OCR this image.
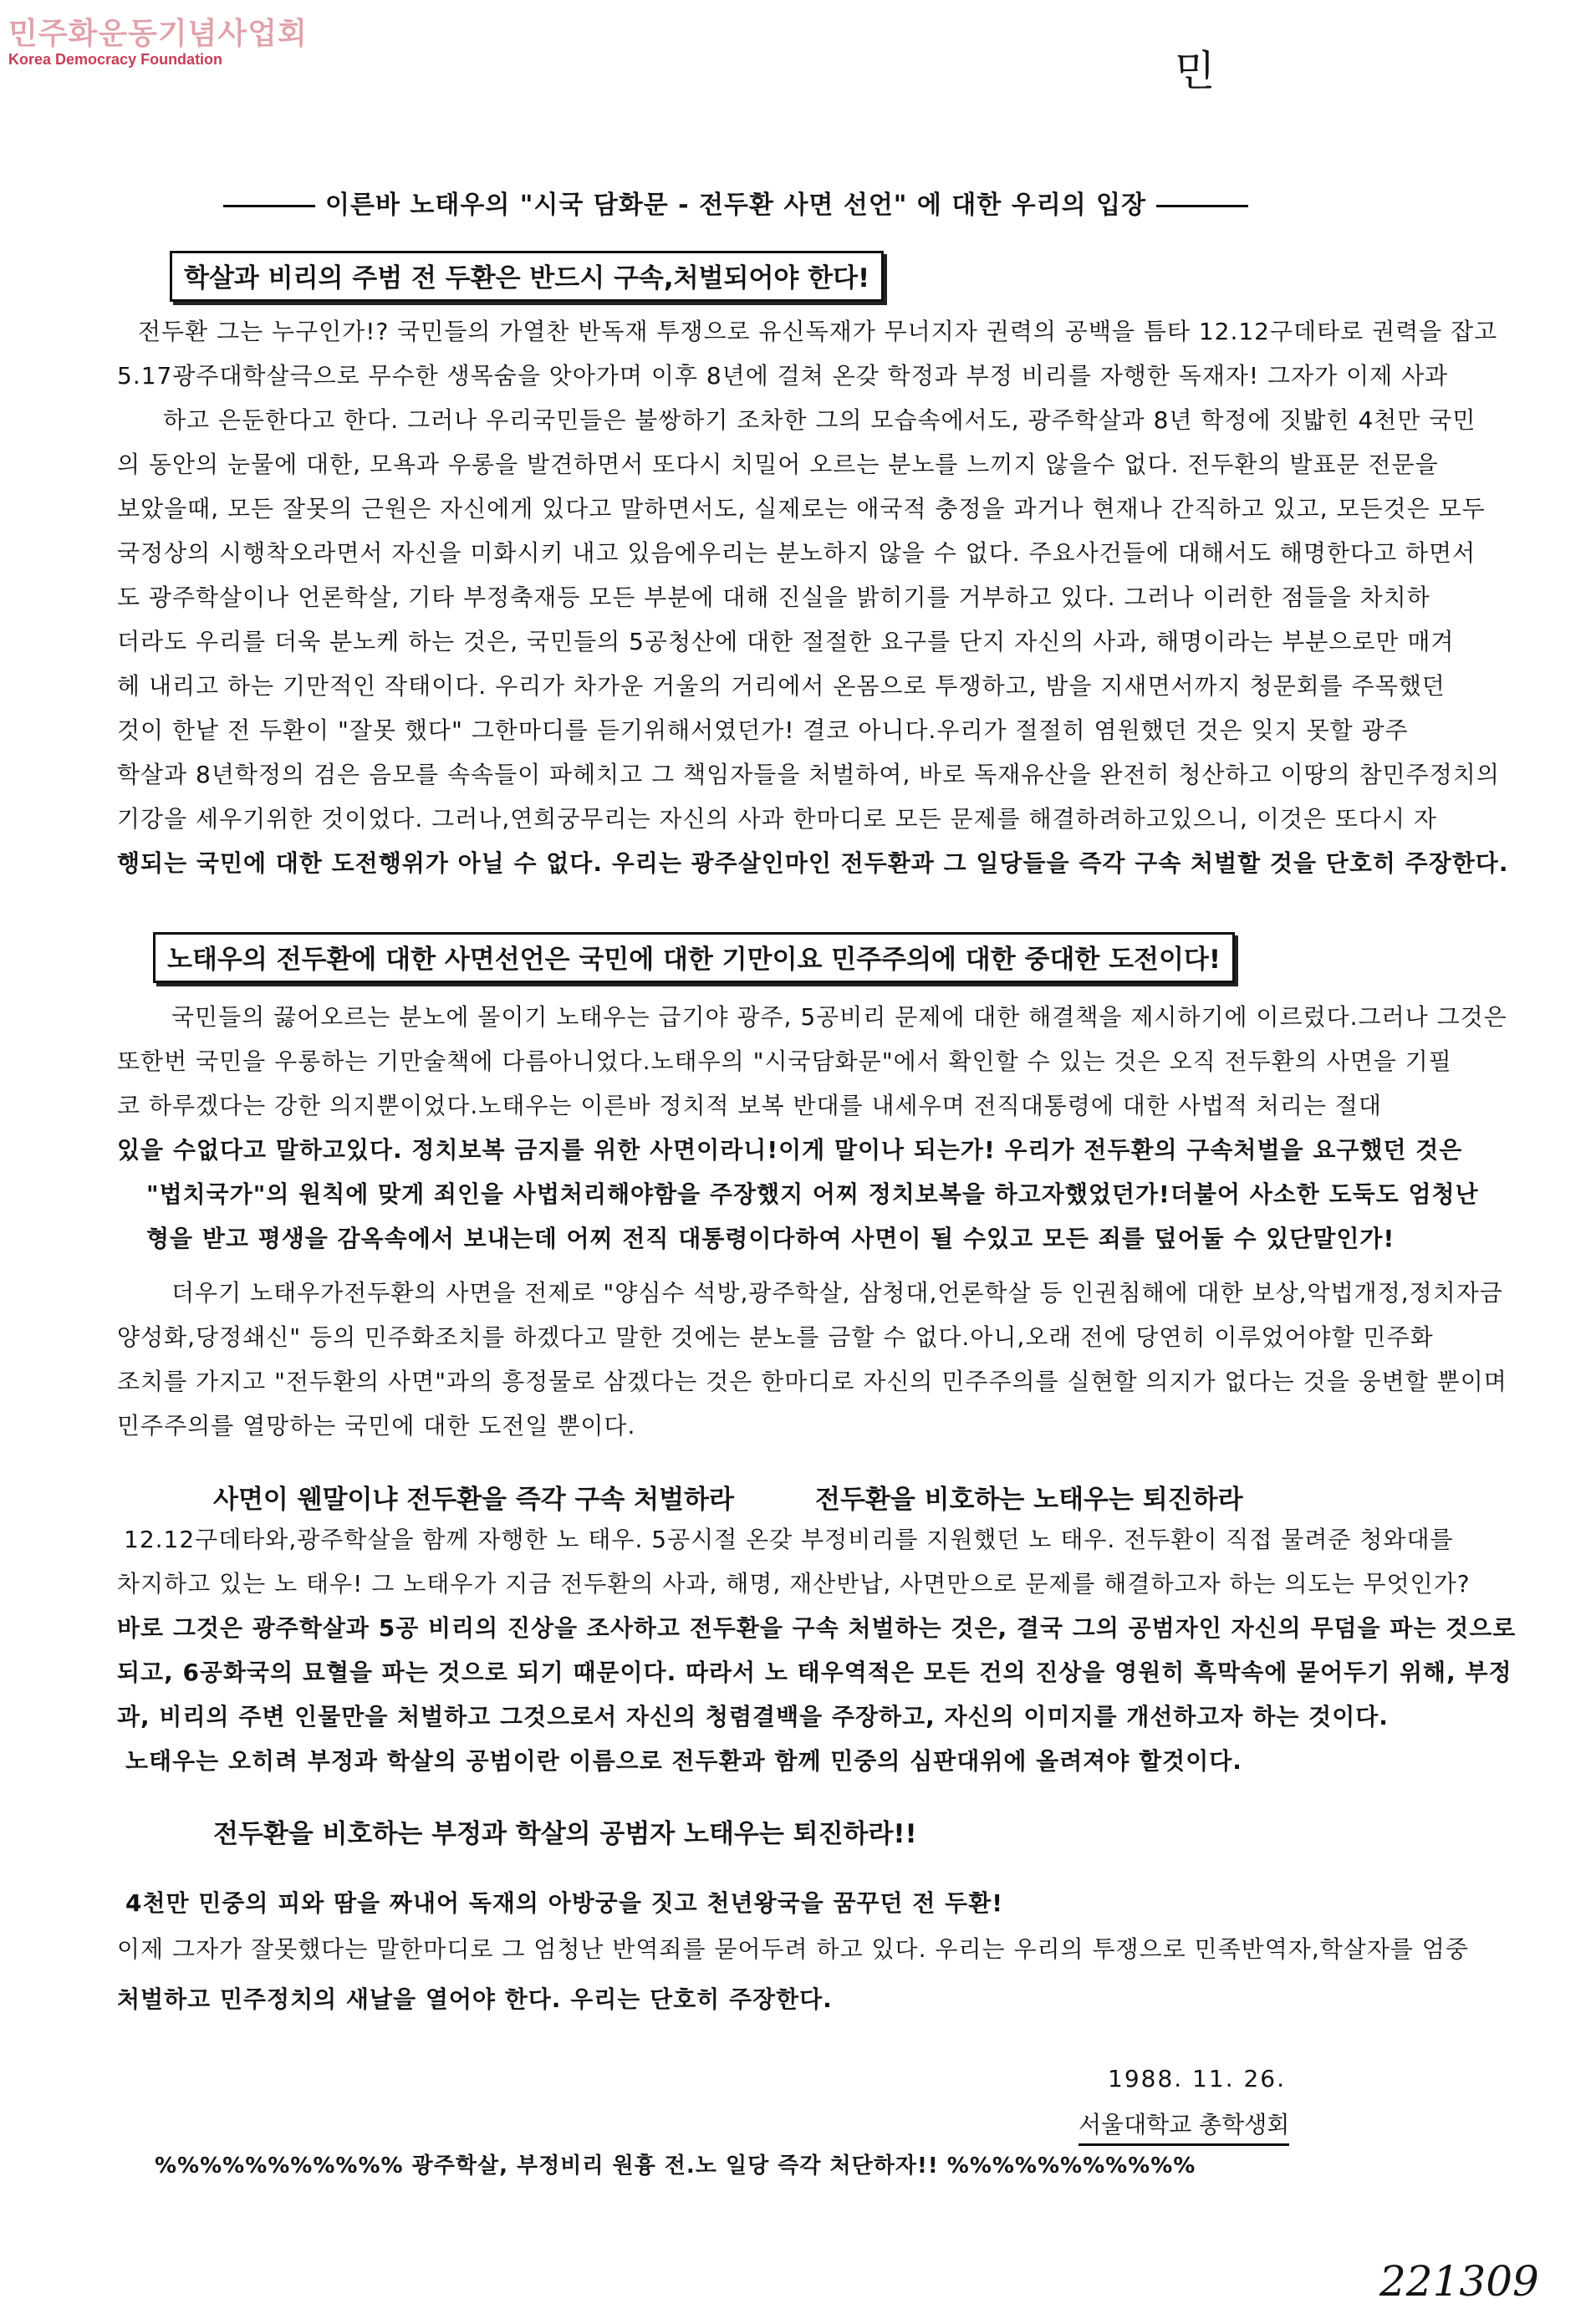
민주화운동기념사업회
Korea Democracy Foundation	민
이른바 노태우의 "시국 담화문 - 전두환 사면 선언" 에 대한 우리의 입장
학살과 비리의 주범 전 두환은 반드시 구속,처벌되어야 한다!
전두환 그는 누구인가!? 국민들의 가열찬 반독재 투쟁으로 유신독재가 무너지자 권력의 공백을 틈타 12.12구데타로 권력을 잡고
5.17광주대학살극으로 무수한 생목숨을 앗아가며 이후 8년에 걸쳐 온갖 학정과 부정 비리를 자행한 독재자! 그자가 이제 사과
하고 은둔한다고 한다. 그러나 우리국민들은 불쌍하기 조차한 그의 모습속에서도, 광주학살과 8년 학정에 짓밟힌 4천만 국민
의 동안의 눈물에 대한, 모욕과 우롱을 발견하면서 또다시 치밀어 오르는 분노를 느끼지 않을수 없다. 전두환의 발표문 전문을
보았을때, 모든 잘못의 근원은 자신에게 있다고 말하면서도, 실제로는 애국적 충정을 과거나 현재나 간직하고 있고, 모든것은 모두
국정상의 시행착오라면서 자신을 미화시키 내고 있음에우리는 분노하지 않을 수 없다. 주요사건들에 대해서도 해명한다고 하면서
도 광주학살이나 언론학살, 기타 부정축재등 모든 부분에 대해 진실을 밝히기를 거부하고 있다. 그러나 이러한 점들을 차치하
더라도 우리를 더욱 분노케 하는 것은, 국민들의 5공청산에 대한 절절한 요구를 단지 자신의 사과, 해명이라는 부분으로만 매겨
헤 내리고 하는 기만적인 작태이다. 우리가 차가운 거울의 거리에서 온몸으로 투쟁하고, 밤을 지새면서까지 청문회를 주목했던
것이 한낱 전 두환이 "잘못 했다" 그한마디를 듣기위해서였던가! 결코 아니다.우리가 절절히 염원했던 것은 잊지 못할 광주
학살과 8년학정의 검은 음모를 속속들이 파헤치고 그 책임자들을 처벌하여, 바로 독재유산을 완전히 청산하고 이땅의 참민주정치의
기강을 세우기위한 것이었다. 그러나,연희궁무리는 자신의 사과 한마디로 모든 문제를 해결하려하고있으니, 이것은 또다시 자
행되는 국민에 대한 도전행위가 아닐 수 없다. 우리는 광주살인마인 전두환과 그 일당들을 즉각 구속 처벌할 것을 단호히 주장한다.
노태우의 전두환에 대한 사면선언은 국민에 대한 기만이요 민주주의에 대한 중대한 도전이다!
국민들의 끓어오르는 분노에 몰이기 노태우는 급기야 광주, 5공비리 문제에 대한 해결책을 제시하기에 이르렀다.그러나 그것은
또한번 국민을 우롱하는 기만술책에 다름아니었다.노태우의 "시국담화문"에서 확인할 수 있는 것은 오직 전두환의 사면을 기필
코 하루겠다는 강한 의지뿐이었다.노태우는 이른바 정치적 보복 반대를 내세우며 전직대통령에 대한 사법적 처리는 절대
있을 수없다고 말하고있다. 정치보복 금지를 위한 사면이라니!이게 말이나 되는가! 우리가 전두환의 구속처벌을 요구했던 것은
"법치국가"의 원칙에 맞게 죄인을 사법처리해야함을 주장했지 어찌 정치보복을 하고자했었던가!더불어 사소한 도둑도 엄청난
형을 받고 평생을 감옥속에서 보내는데 어찌 전직 대통령이다하여 사면이 될 수있고 모든 죄를 덮어둘 수 있단말인가!
더우기 노태우가전두환의 사면을 전제로 "양심수 석방,광주학살, 삼청대,언론학살 등 인권침해에 대한 보상,악법개정,정치자금
양성화,당정쇄신" 등의 민주화조치를 하겠다고 말한 것에는 분노를 금할 수 없다.아니,오래 전에 당연히 이루었어야할 민주화
조치를 가지고 "전두환의 사면"과의 흥정물로 삼겠다는 것은 한마디로 자신의 민주주의를 실현할 의지가 없다는 것을 웅변할 뿐이며
민주주의를 열망하는 국민에 대한 도전일 뿐이다.
사면이 웬말이냐 전두환을 즉각 구속 처벌하라	전두환을 비호하는 노태우는 퇴진하라
12.12구데타와,광주학살을 함께 자행한 노 태우. 5공시절 온갖 부정비리를 지원했던 노 태우. 전두환이 직접 물려준 청와대를
차지하고 있는 노 태우! 그 노태우가 지금 전두환의 사과, 해명, 재산반납, 사면만으로 문제를 해결하고자 하는 의도는 무엇인가?
바로 그것은 광주학살과 5공 비리의 진상을 조사하고 전두환을 구속 처벌하는 것은, 결국 그의 공범자인 자신의 무덤을 파는 것으로
되고, 6공화국의 묘혈을 파는 것으로 되기 때문이다. 따라서 노 태우역적은 모든 건의 진상을 영원히 흑막속에 묻어두기 위해, 부정
과, 비리의 주변 인물만을 처벌하고 그것으로서 자신의 청렴결백을 주장하고, 자신의 이미지를 개선하고자 하는 것이다.
노태우는 오히려 부정과 학살의 공범이란 이름으로 전두환과 함께 민중의 심판대위에 올려져야 할것이다.
전두환을 비호하는 부정과 학살의 공범자 노태우는 퇴진하라!!
4천만 민중의 피와 땀을 짜내어 독재의 아방궁을 짓고 천년왕국을 꿈꾸던 전 두환!
이제 그자가 잘못했다는 말한마디로 그 엄청난 반역죄를 묻어두려 하고 있다. 우리는 우리의 투쟁으로 민족반역자,학살자를 엄중
처벌하고 민주정치의 새날을 열어야 한다. 우리는 단호히 주장한다.
1988. 11. 26.
서울대학교 총학생회
%%%%%%%%%%% 광주학살, 부정비리 원흉 전.노 일당 즉각 처단하자!! %%%%%%%%%%%
221309
